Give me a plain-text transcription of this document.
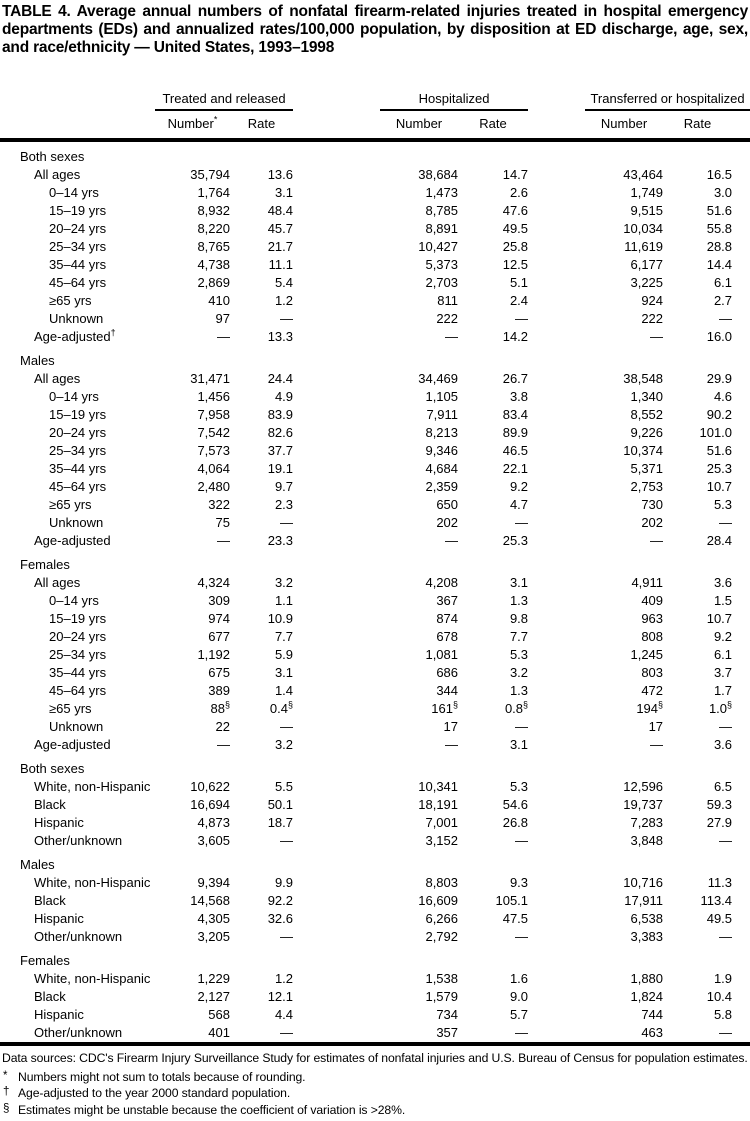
TABLE 4. Average annual numbers of nonfatal firearm-related injuries treated in hospital emergency departments (EDs) and annualized rates/100,000 population, by disposition at ED discharge, age, sex, and race/ethnicity — United States, 1993–1998
	Treated and released			Hospitalized			Transferred or hospitalized		
	Number*	Rate		Number	Rate		Number	Rate	
Both sexes									
All ages	35,794	13.6		38,684	14.7		43,464	16.5	
0–14 yrs	1,764	3.1		1,473	2.6		1,749	3.0	
15–19 yrs	8,932	48.4		8,785	47.6		9,515	51.6	
20–24 yrs	8,220	45.7		8,891	49.5		10,034	55.8	
25–34 yrs	8,765	21.7		10,427	25.8		11,619	28.8	
35–44 yrs	4,738	11.1		5,373	12.5		6,177	14.4	
45–64 yrs	2,869	5.4		2,703	5.1		3,225	6.1	
≥65 yrs	410	1.2		811	2.4		924	2.7	
Unknown	97	—		222	—		222	—	
Age-adjusted†	—	13.3		—	14.2		—	16.0	
Males									
All ages	31,471	24.4		34,469	26.7		38,548	29.9	
0–14 yrs	1,456	4.9		1,105	3.8		1,340	4.6	
15–19 yrs	7,958	83.9		7,911	83.4		8,552	90.2	
20–24 yrs	7,542	82.6		8,213	89.9		9,226	101.0	
25–34 yrs	7,573	37.7		9,346	46.5		10,374	51.6	
35–44 yrs	4,064	19.1		4,684	22.1		5,371	25.3	
45–64 yrs	2,480	9.7		2,359	9.2		2,753	10.7	
≥65 yrs	322	2.3		650	4.7		730	5.3	
Unknown	75	—		202	—		202	—	
Age-adjusted	—	23.3		—	25.3		—	28.4	
Females									
All ages	4,324	3.2		4,208	3.1		4,911	3.6	
0–14 yrs	309	1.1		367	1.3		409	1.5	
15–19 yrs	974	10.9		874	9.8		963	10.7	
20–24 yrs	677	7.7		678	7.7		808	9.2	
25–34 yrs	1,192	5.9		1,081	5.3		1,245	6.1	
35–44 yrs	675	3.1		686	3.2		803	3.7	
45–64 yrs	389	1.4		344	1.3		472	1.7	
≥65 yrs	88§	0.4§		161§	0.8§		194§	1.0§	
Unknown	22	—		17	—		17	—	
Age-adjusted	—	3.2		—	3.1		—	3.6	
Both sexes									
White, non-Hispanic	10,622	5.5		10,341	5.3		12,596	6.5	
Black	16,694	50.1		18,191	54.6		19,737	59.3	
Hispanic	4,873	18.7		7,001	26.8		7,283	27.9	
Other/unknown	3,605	—		3,152	—		3,848	—	
Males									
White, non-Hispanic	9,394	9.9		8,803	9.3		10,716	11.3	
Black	14,568	92.2		16,609	105.1		17,911	113.4	
Hispanic	4,305	32.6		6,266	47.5		6,538	49.5	
Other/unknown	3,205	—		2,792	—		3,383	—	
Females									
White, non-Hispanic	1,229	1.2		1,538	1.6		1,880	1.9	
Black	2,127	12.1		1,579	9.0		1,824	10.4	
Hispanic	568	4.4		734	5.7		744	5.8	
Other/unknown	401	—		357	—		463	—	
Data sources: CDC's Firearm Injury Surveillance Study for estimates of nonfatal injuries and U.S. Bureau of Census for population estimates.
* Numbers might not sum to totals because of rounding.
† Age-adjusted to the year 2000 standard population.
§ Estimates might be unstable because the coefficient of variation is >28%.
